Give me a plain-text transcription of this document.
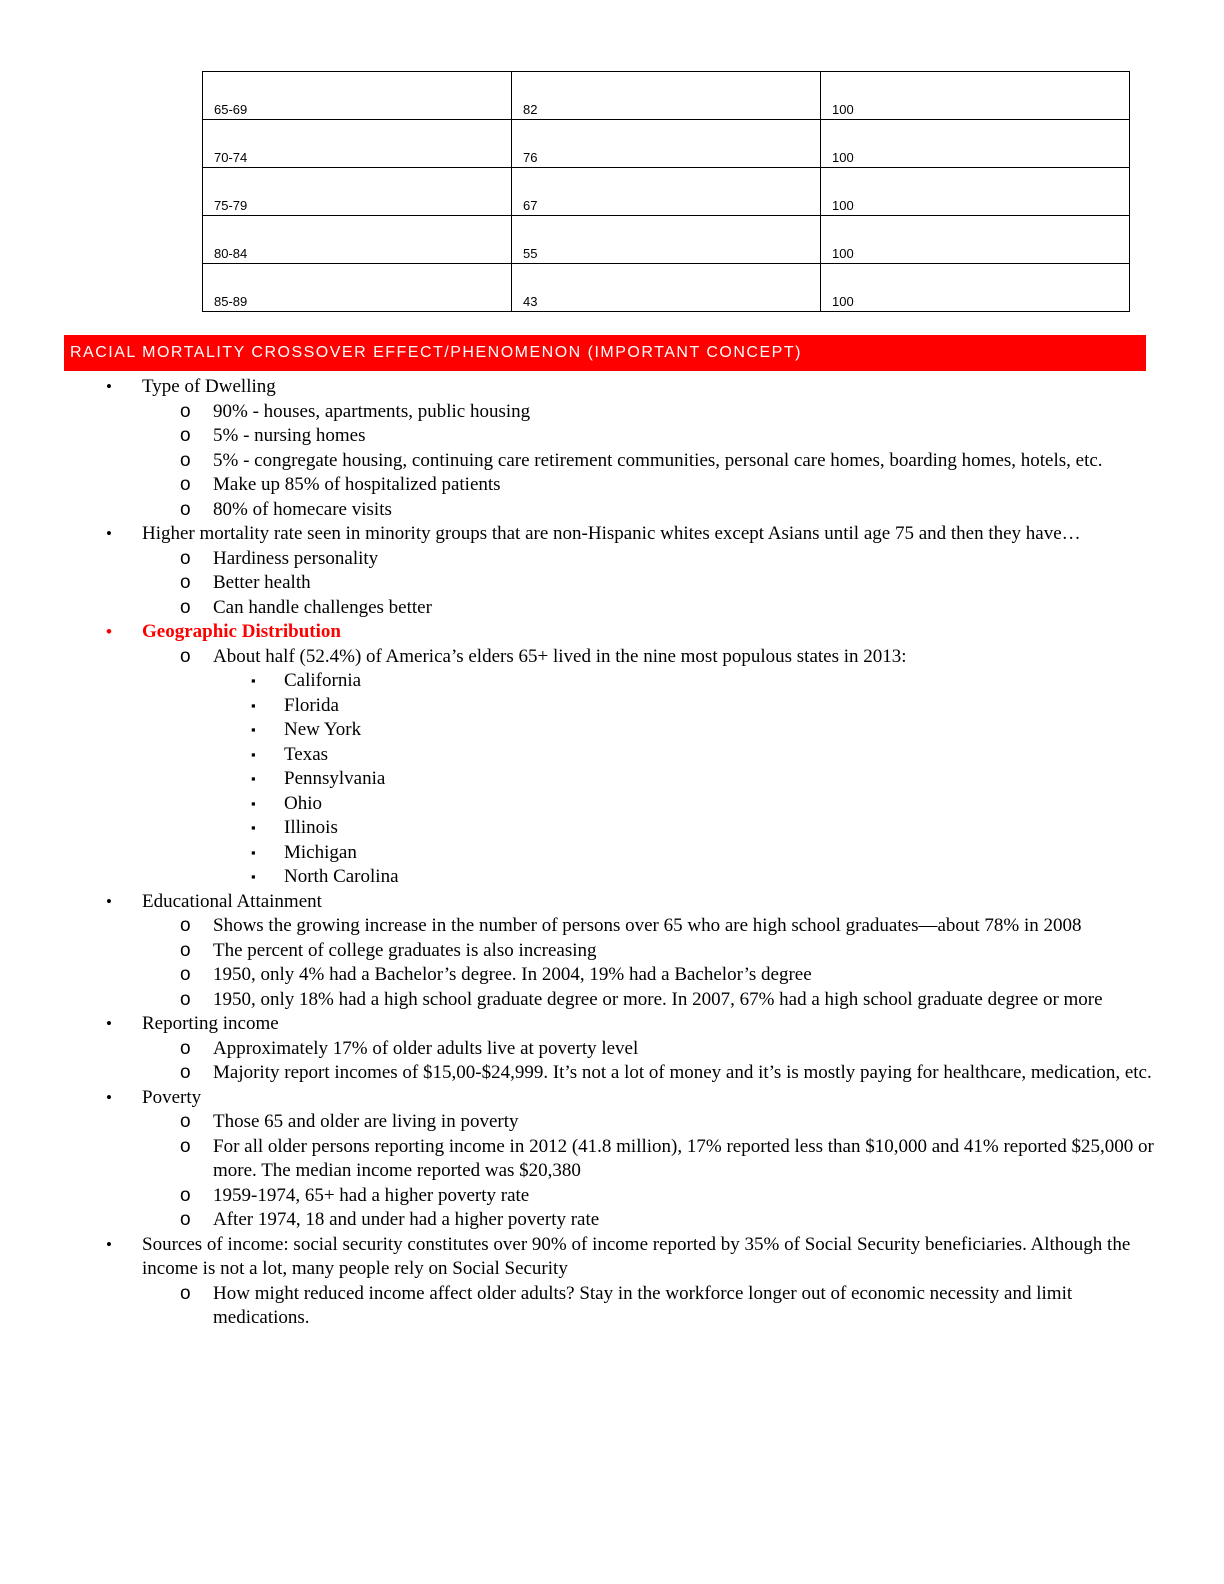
65-69	82	100
70-74	76	100
75-79	67	100
80-84	55	100
85-89	43	100
RACIAL MORTALITY CROSSOVER EFFECT/PHENOMENON (IMPORTANT CONCEPT)
• Type of Dwelling
o 90% - houses, apartments, public housing
o 5% - nursing homes
o 5% - congregate housing, continuing care retirement communities, personal care homes, boarding homes, hotels, etc.
o Make up 85% of hospitalized patients
o 80% of homecare visits
• Higher mortality rate seen in minority groups that are non-Hispanic whites except Asians until age 75 and then they have…
o Hardiness personality
o Better health
o Can handle challenges better
• Geographic Distribution
o About half (52.4%) of America’s elders 65+ lived in the nine most populous states in 2013:
▪ California
▪ Florida
▪ New York
▪ Texas
▪ Pennsylvania
▪ Ohio
▪ Illinois
▪ Michigan
▪ North Carolina
• Educational Attainment
o Shows the growing increase in the number of persons over 65 who are high school graduates—about 78% in 2008
o The percent of college graduates is also increasing
o 1950, only 4% had a Bachelor’s degree. In 2004, 19% had a Bachelor’s degree
o 1950, only 18% had a high school graduate degree or more. In 2007, 67% had a high school graduate degree or more
• Reporting income
o Approximately 17% of older adults live at poverty level
o Majority report incomes of $15,00-$24,999. It’s not a lot of money and it’s is mostly paying for healthcare, medication, etc.
• Poverty
o Those 65 and older are living in poverty
o For all older persons reporting income in 2012 (41.8 million), 17% reported less than $10,000 and 41% reported $25,000 or more. The median income reported was $20,380
o 1959-1974, 65+ had a higher poverty rate
o After 1974, 18 and under had a higher poverty rate
• Sources of income: social security constitutes over 90% of income reported by 35% of Social Security beneficiaries. Although the income is not a lot, many people rely on Social Security
o How might reduced income affect older adults? Stay in the workforce longer out of economic necessity and limit medications.
